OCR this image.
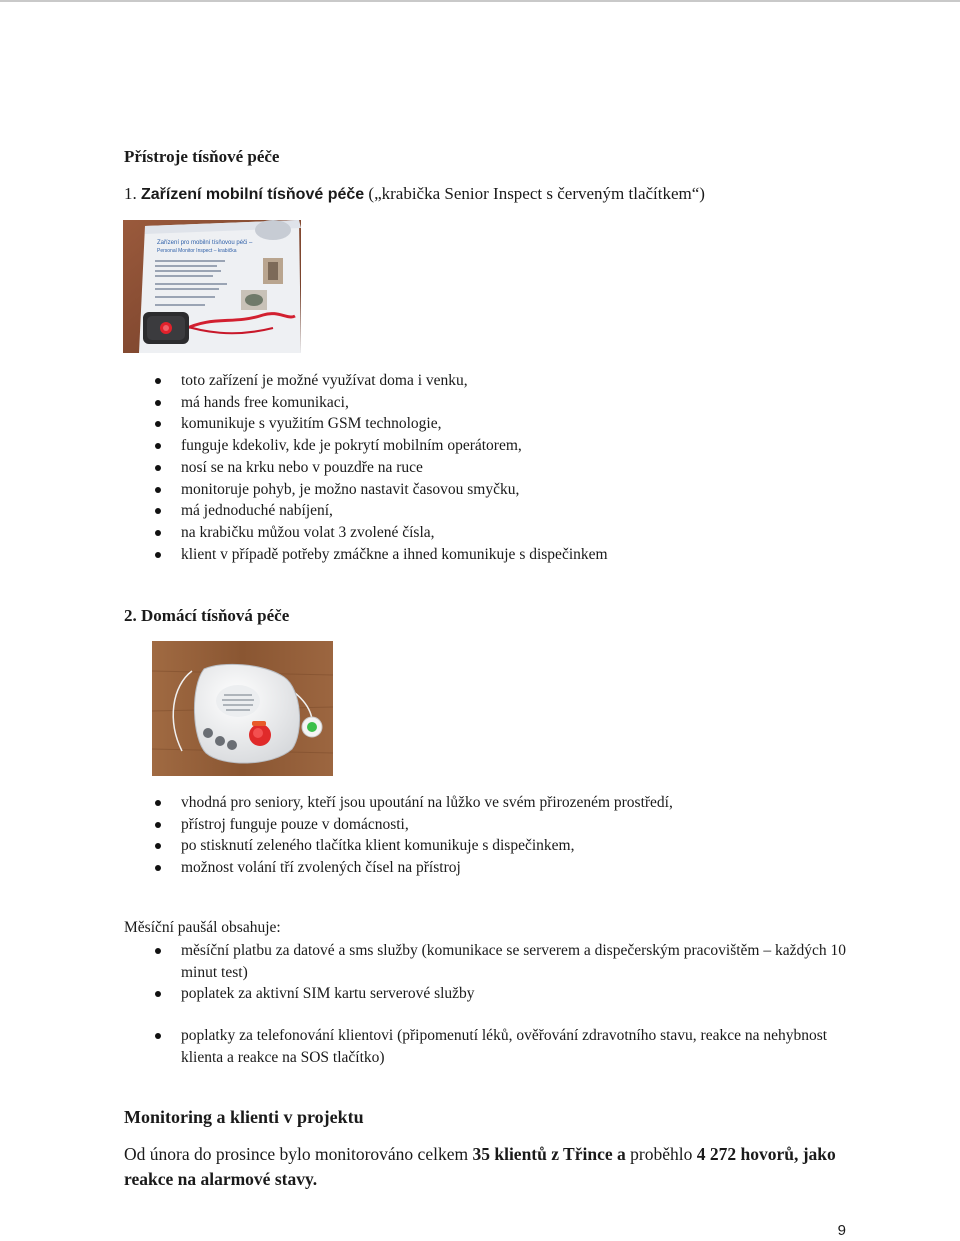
Přístroje tísňové péče
1. Zařízení mobilní tísňové péče („krabička Senior Inspect s červeným tlačítkem“)
Zařízení pro mobilní tísňovou péči –
Personal Monitor Inspect – krabička
toto zařízení je možné využívat doma i venku,
má hands free komunikaci,
komunikuje s využitím GSM technologie,
funguje kdekoliv, kde je pokrytí mobilním operátorem,
nosí se na krku nebo v pouzdře na ruce
monitoruje pohyb, je možno nastavit časovou smyčku,
má jednoduché nabíjení,
na krabičku můžou volat 3 zvolené čísla,
klient v případě potřeby zmáčkne a ihned komunikuje s dispečinkem
2. Domácí tísňová péče
vhodná pro seniory, kteří jsou upoutání na lůžko ve svém přirozeném prostředí,
přístroj funguje pouze v domácnosti,
po stisknutí zeleného tlačítka klient komunikuje s dispečinkem,
možnost volání tří zvolených čísel na přístroj
Měsíční paušál obsahuje:
měsíční platbu za datové a sms služby (komunikace se serverem a dispečerským pracovištěm – každých 10 minut test)
poplatek za aktivní SIM kartu serverové služby
poplatky za telefonování klientovi (připomenutí léků, ověřování zdravotního stavu, reakce na nehybnost klienta a reakce na SOS tlačítko)
Monitoring a klienti v projektu
Od února do prosince bylo monitorováno celkem 35 klientů z Třince a proběhlo 4 272 hovorů, jako reakce na alarmové stavy.
9
